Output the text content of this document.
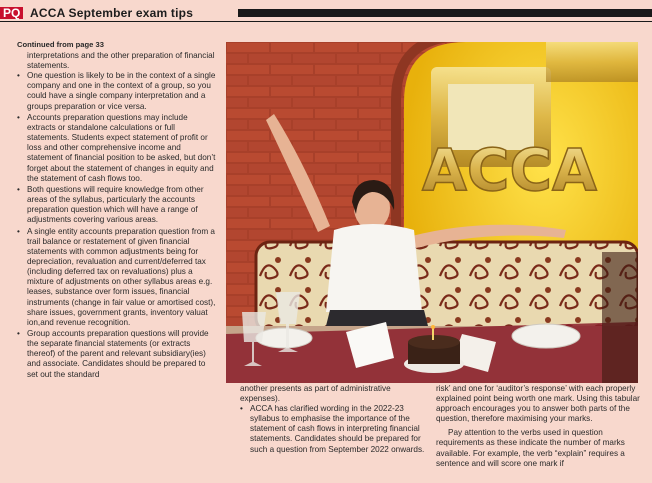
PQ ACCA September exam tips
Continued from page 33

interpretations and the other preparation of financial statements.

• One question is likely to be in the context of a single company and one in the context of a group, so you could have a single company interpretation and a groups preparation or vice versa.
• Accounts preparation questions may include extracts or standalone calculations or full statements. Students expect statement of profit or loss and other comprehensive income and statement of financial position to be asked, but don’t forget about the statement of changes in equity and the statement of cash flows too.
• Both questions will require knowledge from other areas of the syllabus, particularly the accounts preparation question which will have a range of adjustments covering various areas.
• A single entity accounts preparation question from a trail balance or restatement of given financial statements with common adjustments being for depreciation, revaluation and current/deferred tax (including deferred tax on revaluations) plus a mixture of adjustments on other syllabus areas e.g. leases, substance over form issues, financial instruments (change in fair value or amortised cost), share issues, government grants, inventory valuat ion,and revenue recognition.
• Group accounts preparation questions will provide the separate financial statements (or extracts thereof) of the parent and relevant subsidiary(ies) and associate. Candidates should be prepared to set out the standard
ACCA

another presents as part of administrative expenses).

• ACCA has clarified wording in the 2022-23 syllabus to emphasise the importance of the statement of cash flows in interpreting financial statements. Candidates should be prepared for such a question from September 2022 onwards.

risk’ and one for ‘auditor’s response’ with each properly explained point being worth one mark. Using this tabular approach encourages you to answer both parts of the question, therefore maximising your marks.

Pay attention to the verbs used in question requirements as these indicate the number of marks available. For example, the verb “explain” requires a sentence and will score one mark if
